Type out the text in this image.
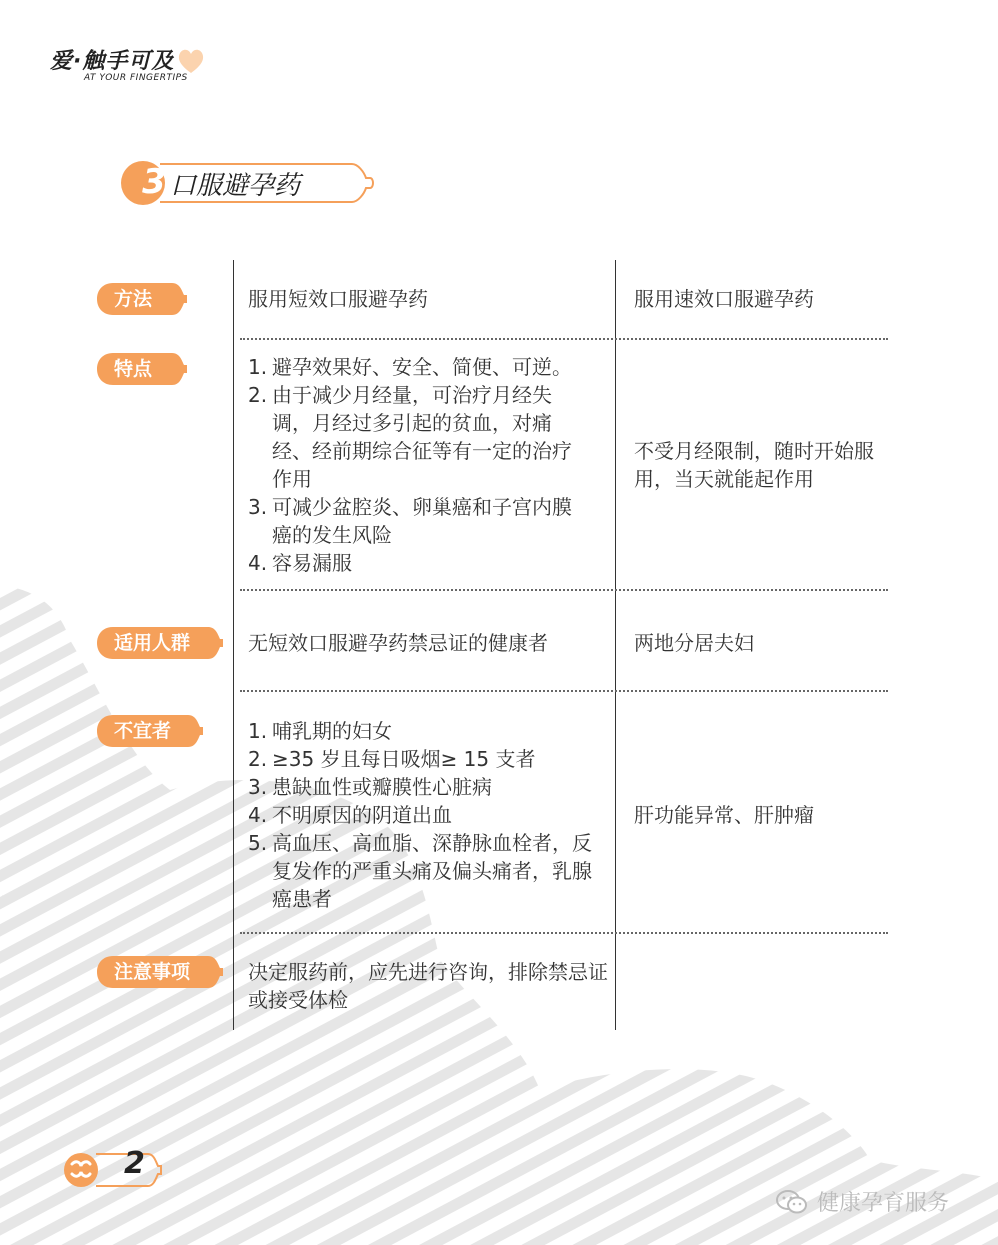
爱·触手可及
AT YOUR FINGERTIPS
3 口服避孕药
方法
特点
适用人群
不宜者
注意事项
服用短效口服避孕药	服用速效口服避孕药
1. 避孕效果好、安全、简便、可逆。
2. 由于减少月经量，可治疗月经失调，月经过多引起的贫血，对痛经、经前期综合征等有一定的治疗作用
3. 可减少盆腔炎、卵巢癌和子宫内膜癌的发生风险
4. 容易漏服
不受月经限制，随时开始服用，当天就能起作用
无短效口服避孕药禁忌证的健康者	两地分居夫妇
1. 哺乳期的妇女
2. ≥35 岁且每日吸烟≥ 15 支者
3. 患缺血性或瓣膜性心脏病
4. 不明原因的阴道出血
5. 高血压、高血脂、深静脉血栓者，反复发作的严重头痛及偏头痛者，乳腺癌患者
肝功能异常、肝肿瘤
决定服药前，应先进行咨询，排除禁忌证或接受体检
2
健康孕育服务
